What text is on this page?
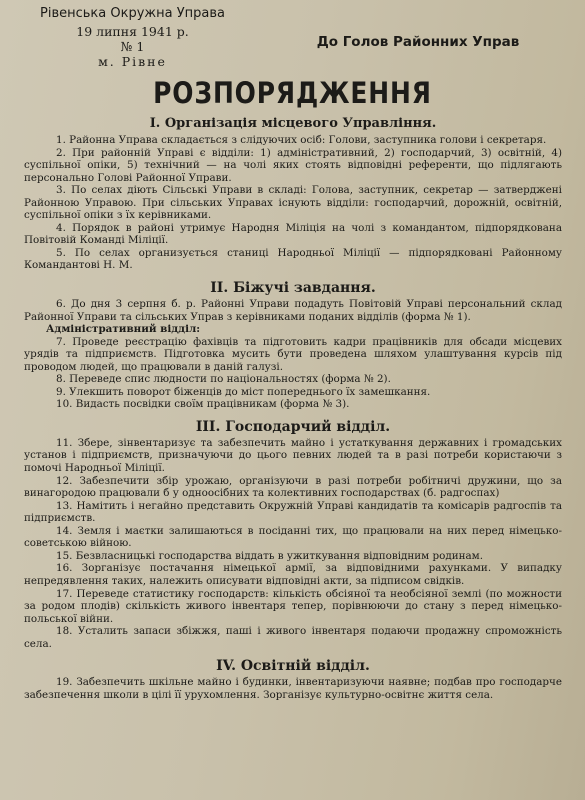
Рівенська Окружна Управа
19 липня 1941 р.
№ 1
м. Рівне
До Голов Районних Управ
РОЗПОРЯДЖЕННЯ
I. Організація місцевого Управління.

1. Районна Управа складається з слідуючих осіб: Голови, заступника голови і секретаря.

2. При районній Управі є відділи: 1) адміністративний, 2) господарчий, 3) освітній, 4) суспільної опіки, 5) технічний — на чолі яких стоять відповідні референти, що підлягають персонально Голові Районної Управи.

3. По селах діють Сільські Управи в складі: Голова, заступник, секретар — затверджені Районною Управою. При сільських Управах існують відділи: господарчий, дорожній, освітній, суспільної опіки з їх керівниками.

4. Порядок в районі утримує Народня Міліція на чолі з командантом, підпорядкована Повітовій Команді Міліції.

5. По селах организується станиці Народньої Міліції — підпорядковані Районному Командантові Н. М.

II. Біжучі завдання.

6. До дня 3 серпня б. р. Районні Управи подадуть Повітовій Управі персональний склад Районної Управи та сільських Управ з керівниками поданих відділів (форма № 1).

Адміністративний відділ:

7. Проведе реєстрацію фахівців та підготовить кадри працівників для обсади місцевих урядів та підприємств. Підготовка мусить бути проведена шляхом улаштування курсів під проводом людей, що працювали в даній галузі.

8. Переведе спис людности по національностях (форма № 2).

9. Улекшить поворот біженців до міст попереднього їх замешкання.

10. Видасть посвідки своїм працівникам (форма № 3).

III. Господарчий відділ.

11. Збере, зінвентаризує та забезпечить майно і устаткування державних і громадських установ і підприємств, призначуючи до цього певних людей та в разі потреби користаючи з помочі Народньої Міліції.

12. Забезпечити збір урожаю, організуючи в разі потреби робітничі дружини, що за винагородою працювали б у одноосібних та колективних господарствах (б. радгоспах)

13. Намітить і негайно представить Окружній Управі кандидатів та комісарів радгоспів та підприємств.

14. Земля і маєтки залишаються в посіданні тих, що працювали на них перед німецько-советською війною.

15. Безвласницькі господарства віддать в ужиткування відповідним родинам.

16. Зорганізує постачання німецької армії, за відповідними рахунками. У випадку непредявлення таких, належить описувати відповідні акти, за підписом свідків.

17. Переведе статистику господарств: кількість обсіяної та необсіяної землі (по можности за родом плодів) скількість живого інвентаря тепер, порівнюючи до стану з перед німецько-польської війни.

18. Усталить запаси збіжжя, паші і живого інвентаря подаючи продажну спроможність села.

IV. Освітній відділ.

19. Забезпечить шкільне майно і будинки, інвентаризуючи наявне; подбав про господарче забезпечення школи в цілі її урухомлення. Зорганізує культурно-освітнє життя села.
